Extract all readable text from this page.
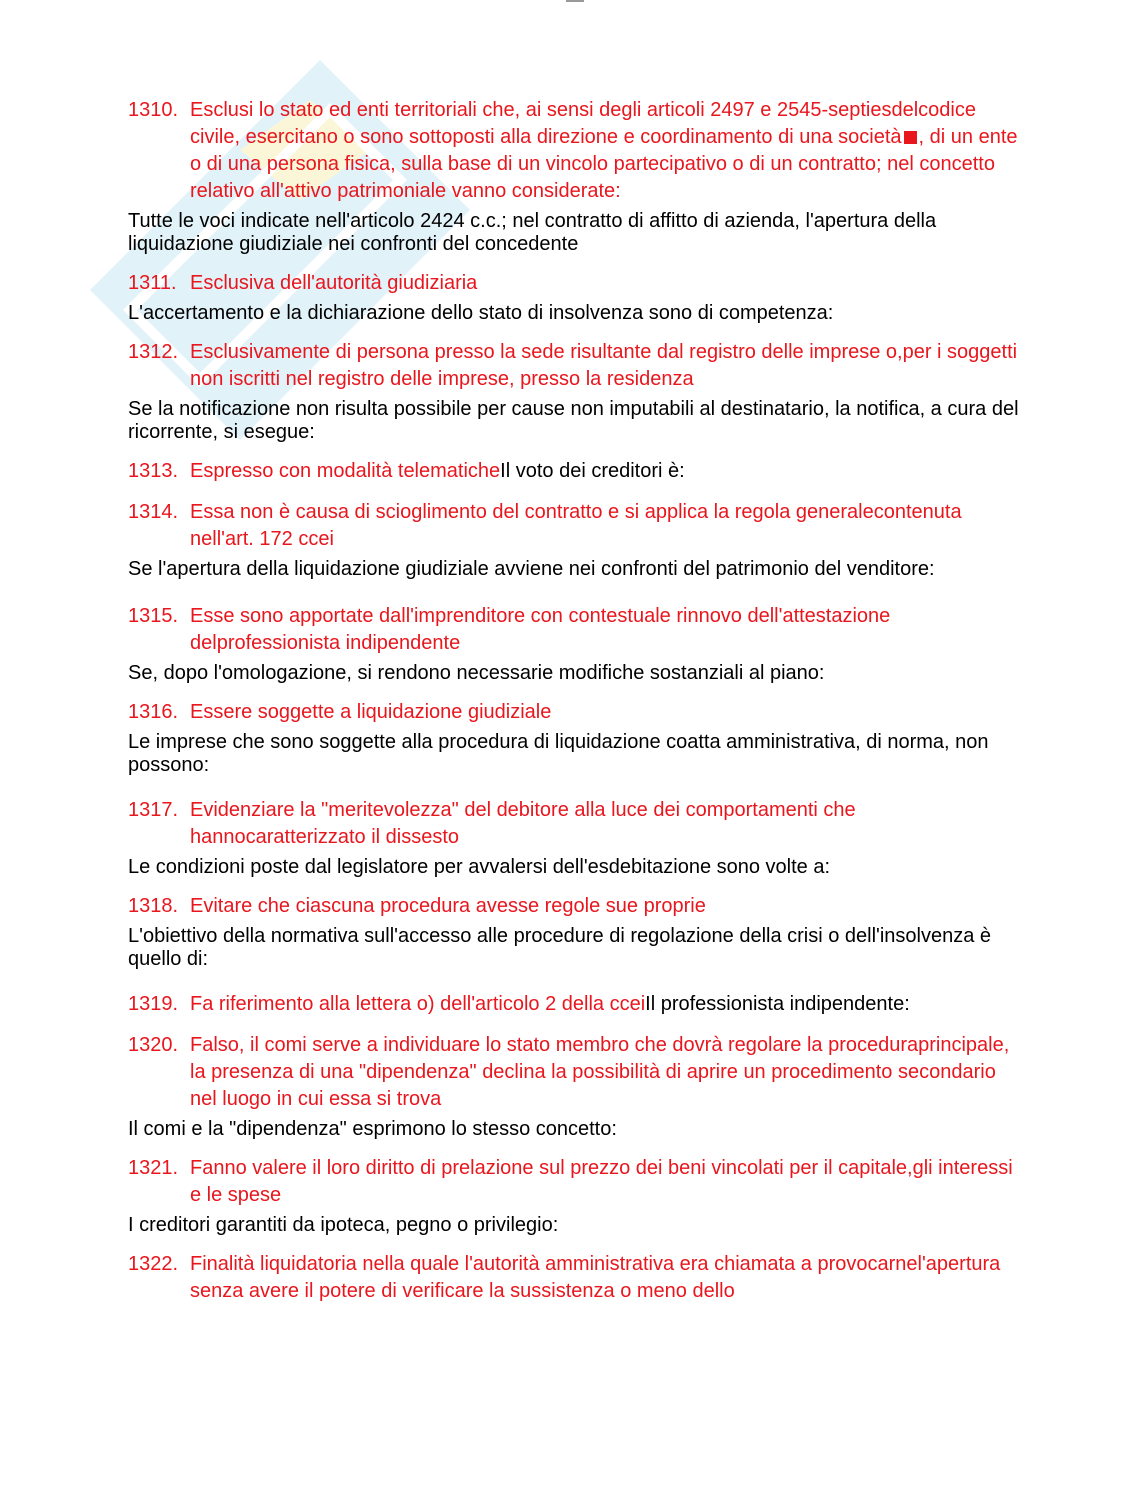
1310. Esclusi lo stato ed enti territoriali che, ai sensi degli articoli 2497 e 2545-septiesdelcodice civile, esercitano o sono sottoposti alla direzione e coordinamento di una società , di un ente o di una persona fisica, sulla base di un vincolo partecipativo o di un contratto; nel concetto relativo all'attivo patrimoniale vanno considerate:
Tutte le voci indicate nell'articolo 2424 c.c.; nel contratto di affitto di azienda, l'apertura della liquidazione giudiziale nei confronti del concedente
1311. Esclusiva dell'autorità giudiziaria
L'accertamento e la dichiarazione dello stato di insolvenza sono di competenza:
1312. Esclusivamente di persona presso la sede risultante dal registro delle imprese o,per i soggetti non iscritti nel registro delle imprese, presso la residenza
Se la notificazione non risulta possibile per cause non imputabili al destinatario, la notifica, a cura del ricorrente, si esegue:
1313. Espresso con modalità telematicheIl voto dei creditori è:
1314. Essa non è causa di scioglimento del contratto e si applica la regola generalecontenuta nell'art. 172 ccei
Se l'apertura della liquidazione giudiziale avviene nei confronti del patrimonio del venditore:
1315. Esse sono apportate dall'imprenditore con contestuale rinnovo dell'attestazione delprofessionista indipendente
Se, dopo l'omologazione, si rendono necessarie modifiche sostanziali al piano:
1316. Essere soggette a liquidazione giudiziale
Le imprese che sono soggette alla procedura di liquidazione coatta amministrativa, di norma, non possono:
1317. Evidenziare la "meritevolezza" del debitore alla luce dei comportamenti che hannocaratterizzato il dissesto
Le condizioni poste dal legislatore per avvalersi dell'esdebitazione sono volte a:
1318. Evitare che ciascuna procedura avesse regole sue proprie
L'obiettivo della normativa sull'accesso alle procedure di regolazione della crisi o dell'insolvenza è quello di:
1319. Fa riferimento alla lettera o) dell'articolo 2 della cceiIl professionista indipendente:
1320. Falso, il comi serve a individuare lo stato membro che dovrà regolare la proceduraprincipale, la presenza di una "dipendenza" declina la possibilità di aprire un procedimento secondario nel luogo in cui essa si trova
Il comi e la "dipendenza" esprimono lo stesso concetto:
1321. Fanno valere il loro diritto di prelazione sul prezzo dei beni vincolati per il capitale,gli interessi e le spese
I creditori garantiti da ipoteca, pegno o privilegio:
1322. Finalità liquidatoria nella quale l'autorità amministrativa era chiamata a provocarnel'apertura senza avere il potere di verificare la sussistenza o meno dello
